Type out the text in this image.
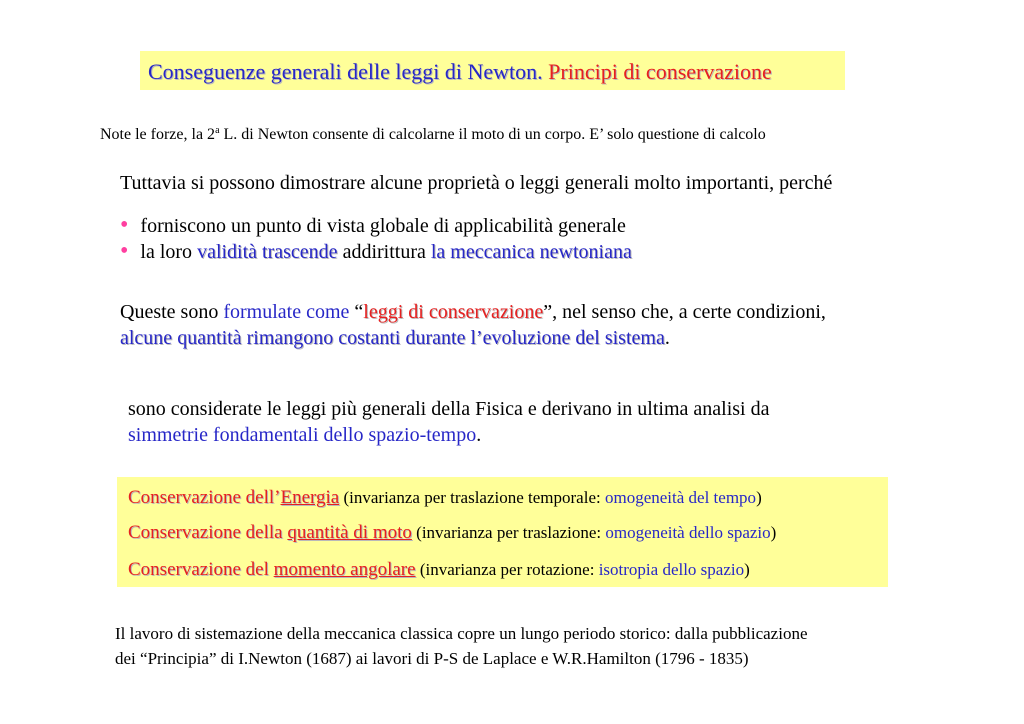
Conseguenze generali delle leggi di Newton. Principi di conservazione
Note le forze, la 2$^a$ L. di Newton consente di calcolarne il moto di un corpo. E’ solo questione di calcolo
Tuttavia si possono dimostrare alcune proprietà o leggi generali molto importanti, perché
• forniscono un punto di vista globale di applicabilità generale
• la loro validità trascende addirittura la meccanica newtoniana
Queste sono formulate come “leggi di conservazione”, nel senso che, a certe condizioni,
alcune quantità rimangono costanti durante l’evoluzione del sistema.
sono considerate le leggi più generali della Fisica e derivano in ultima analisi da
simmetrie fondamentali dello spazio-tempo.
Conservazione dell’Energia (invarianza per traslazione temporale: omogeneità del tempo)
Conservazione della quantità di moto (invarianza per traslazione: omogeneità dello spazio)
Conservazione del momento angolare (invarianza per rotazione: isotropia dello spazio)
Il lavoro di sistemazione della meccanica classica copre un lungo periodo storico: dalla pubblicazione
dei “Principia” di I.Newton (1687) ai lavori di P-S de Laplace e W.R.Hamilton (1796 - 1835)
